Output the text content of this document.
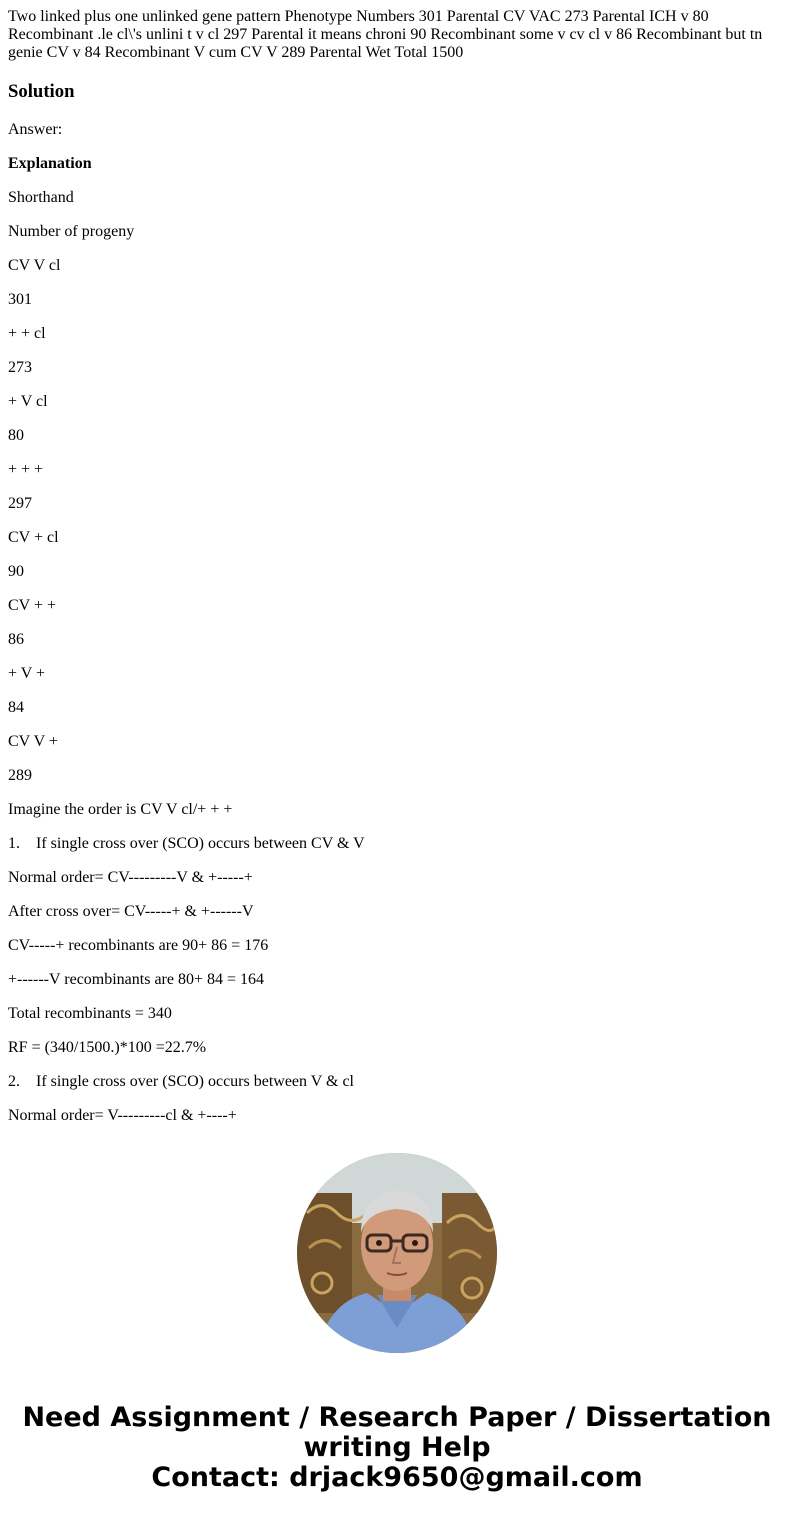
Two linked plus one unlinked gene pattern Phenotype Numbers 301 Parental CV VAC 273 Parental ICH v 80 Recombinant .le cl\'s unlini t v cl 297 Parental it means chroni 90 Recombinant some v cv cl v 86 Recombinant but tn genie CV v 84 Recombinant V cum CV V 289 Parental Wet Total 1500

Solution

Answer:

Explanation

Shorthand
Number of progeny
CV V cl
301
+ + cl
273
+ V cl
80
+ + +
297
CV + cl
90
CV + +
86
+ V +
84
CV V +
289
Imagine the order is CV V cl/+ + +
1.    If single cross over (SCO) occurs between CV & V
Normal order= CV---------V & +-----+
After cross over= CV-----+ & +------V
CV-----+ recombinants are 90+ 86 = 176
+------V recombinants are 80+ 84 = 164
Total recombinants = 340
RF = (340/1500.)*100 =22.7%
2.    If single cross over (SCO) occurs between V & cl
Normal order= V---------cl & +----+
Need Assignment / Research Paper / Dissertation
writing Help
Contact: drjack9650@gmail.com
